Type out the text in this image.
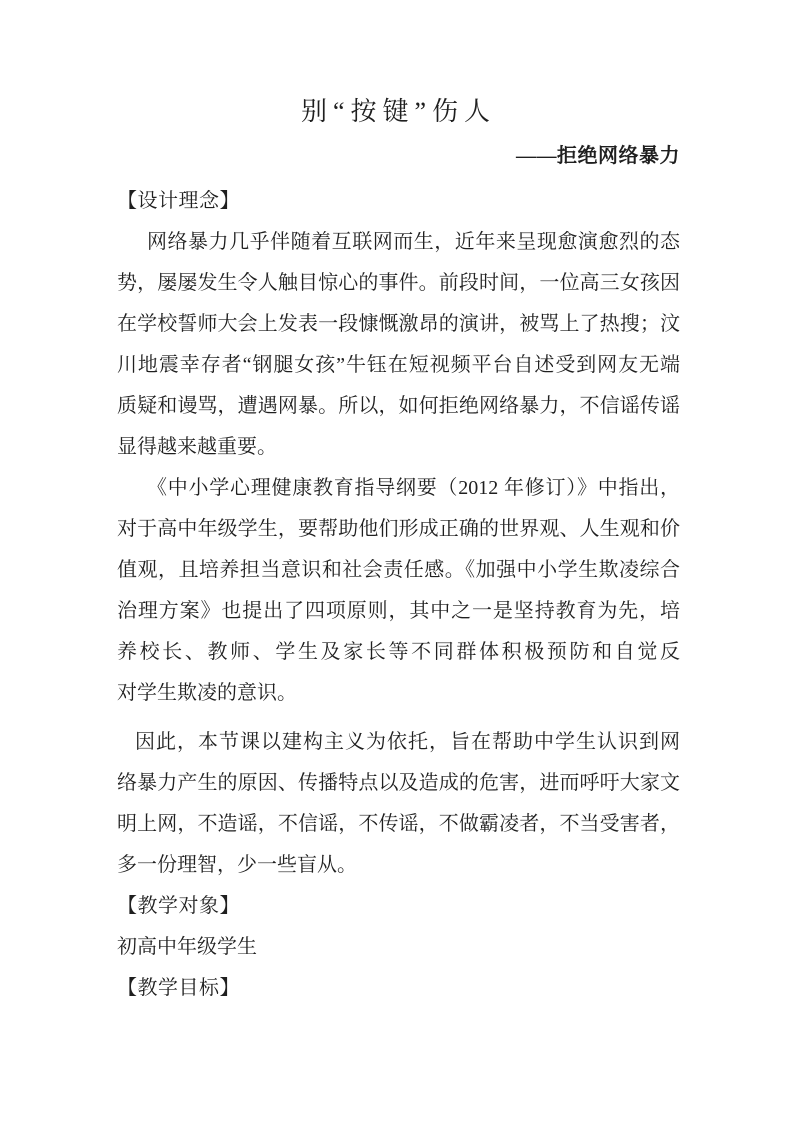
别“按键”伤人
——拒绝网络暴力
【设计理念】
网络暴力几乎伴随着互联网而生，近年来呈现愈演愈烈的态
势，屡屡发生令人触目惊心的事件。前段时间，一位高三女孩因
在学校誓师大会上发表一段慷慨激昂的演讲，被骂上了热搜；汶
川地震幸存者“钢腿女孩”牛钰在短视频平台自述受到网友无端
质疑和谩骂，遭遇网暴。所以，如何拒绝网络暴力，不信谣传谣
显得越来越重要。
《中小学心理健康教育指导纲要（2012 年修订）》中指出，
对于高中年级学生，要帮助他们形成正确的世界观、人生观和价
值观，且培养担当意识和社会责任感。《加强中小学生欺凌综合
治理方案》也提出了四项原则，其中之一是坚持教育为先，培
养校长、教师、学生及家长等不同群体积极预防和自觉反
对学生欺凌的意识。
因此，本节课以建构主义为依托，旨在帮助中学生认识到网
络暴力产生的原因、传播特点以及造成的危害，进而呼吁大家文
明上网，不造谣，不信谣，不传谣，不做霸凌者，不当受害者，
多一份理智，少一些盲从。
【教学对象】
初高中年级学生
【教学目标】
